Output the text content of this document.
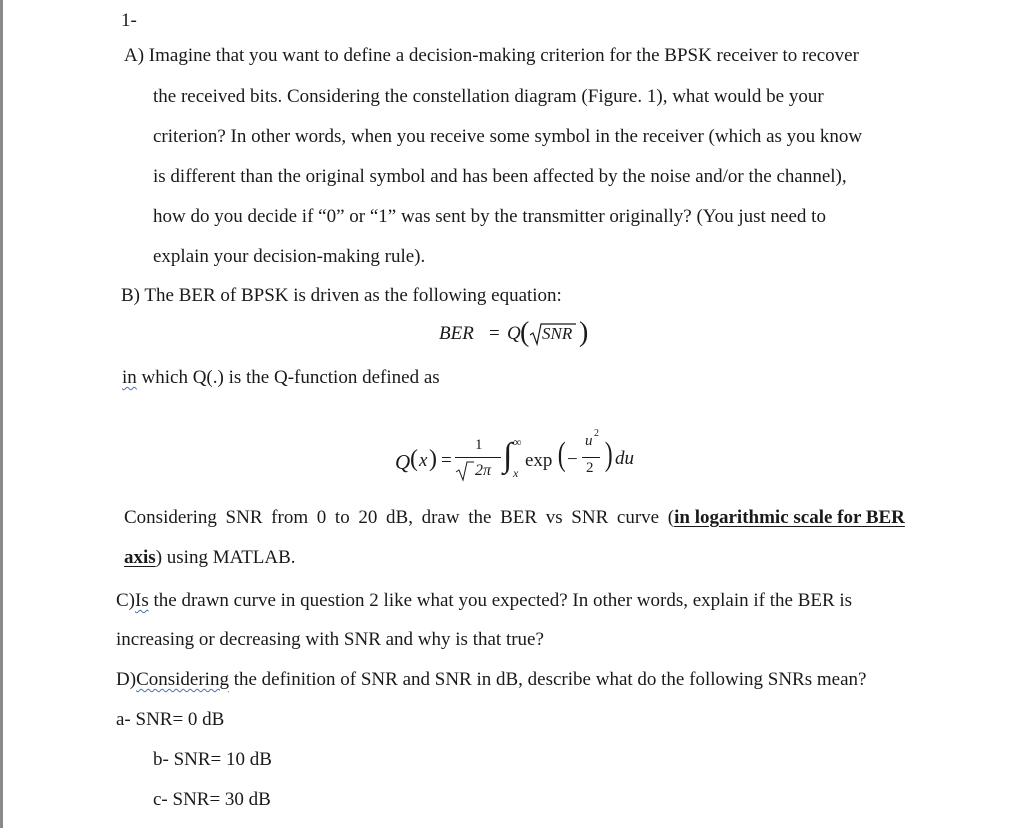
1-
A) Imagine that you want to define a decision-making criterion for the BPSK receiver to recover
the received bits. Considering the constellation diagram (Figure. 1), what would be your
criterion? In other words, when you receive some symbol in the receiver (which as you know
is different than the original symbol and has been affected by the noise and/or the channel),
how do you decide if “0” or “1” was sent by the transmitter originally? (You just need to
explain your decision-making rule).
B) The BER of BPSK is driven as the following equation:
BER = Q ( SNR )
in which Q(.) is the Q-function defined as
Q ( x ) =
1
2π ∫ ∞
x
exp ( −
u 2
2 ) du
Considering SNR from 0 to 20 dB, draw the BER vs SNR curve (in logarithmic scale for BER
axis) using MATLAB.
C)Is the drawn curve in question 2 like what you expected? In other words, explain if the BER is
increasing or decreasing with SNR and why is that true?
D)Considering the definition of SNR and SNR in dB, describe what do the following SNRs mean?
a- SNR= 0 dB
b- SNR= 10 dB
c- SNR= 30 dB
